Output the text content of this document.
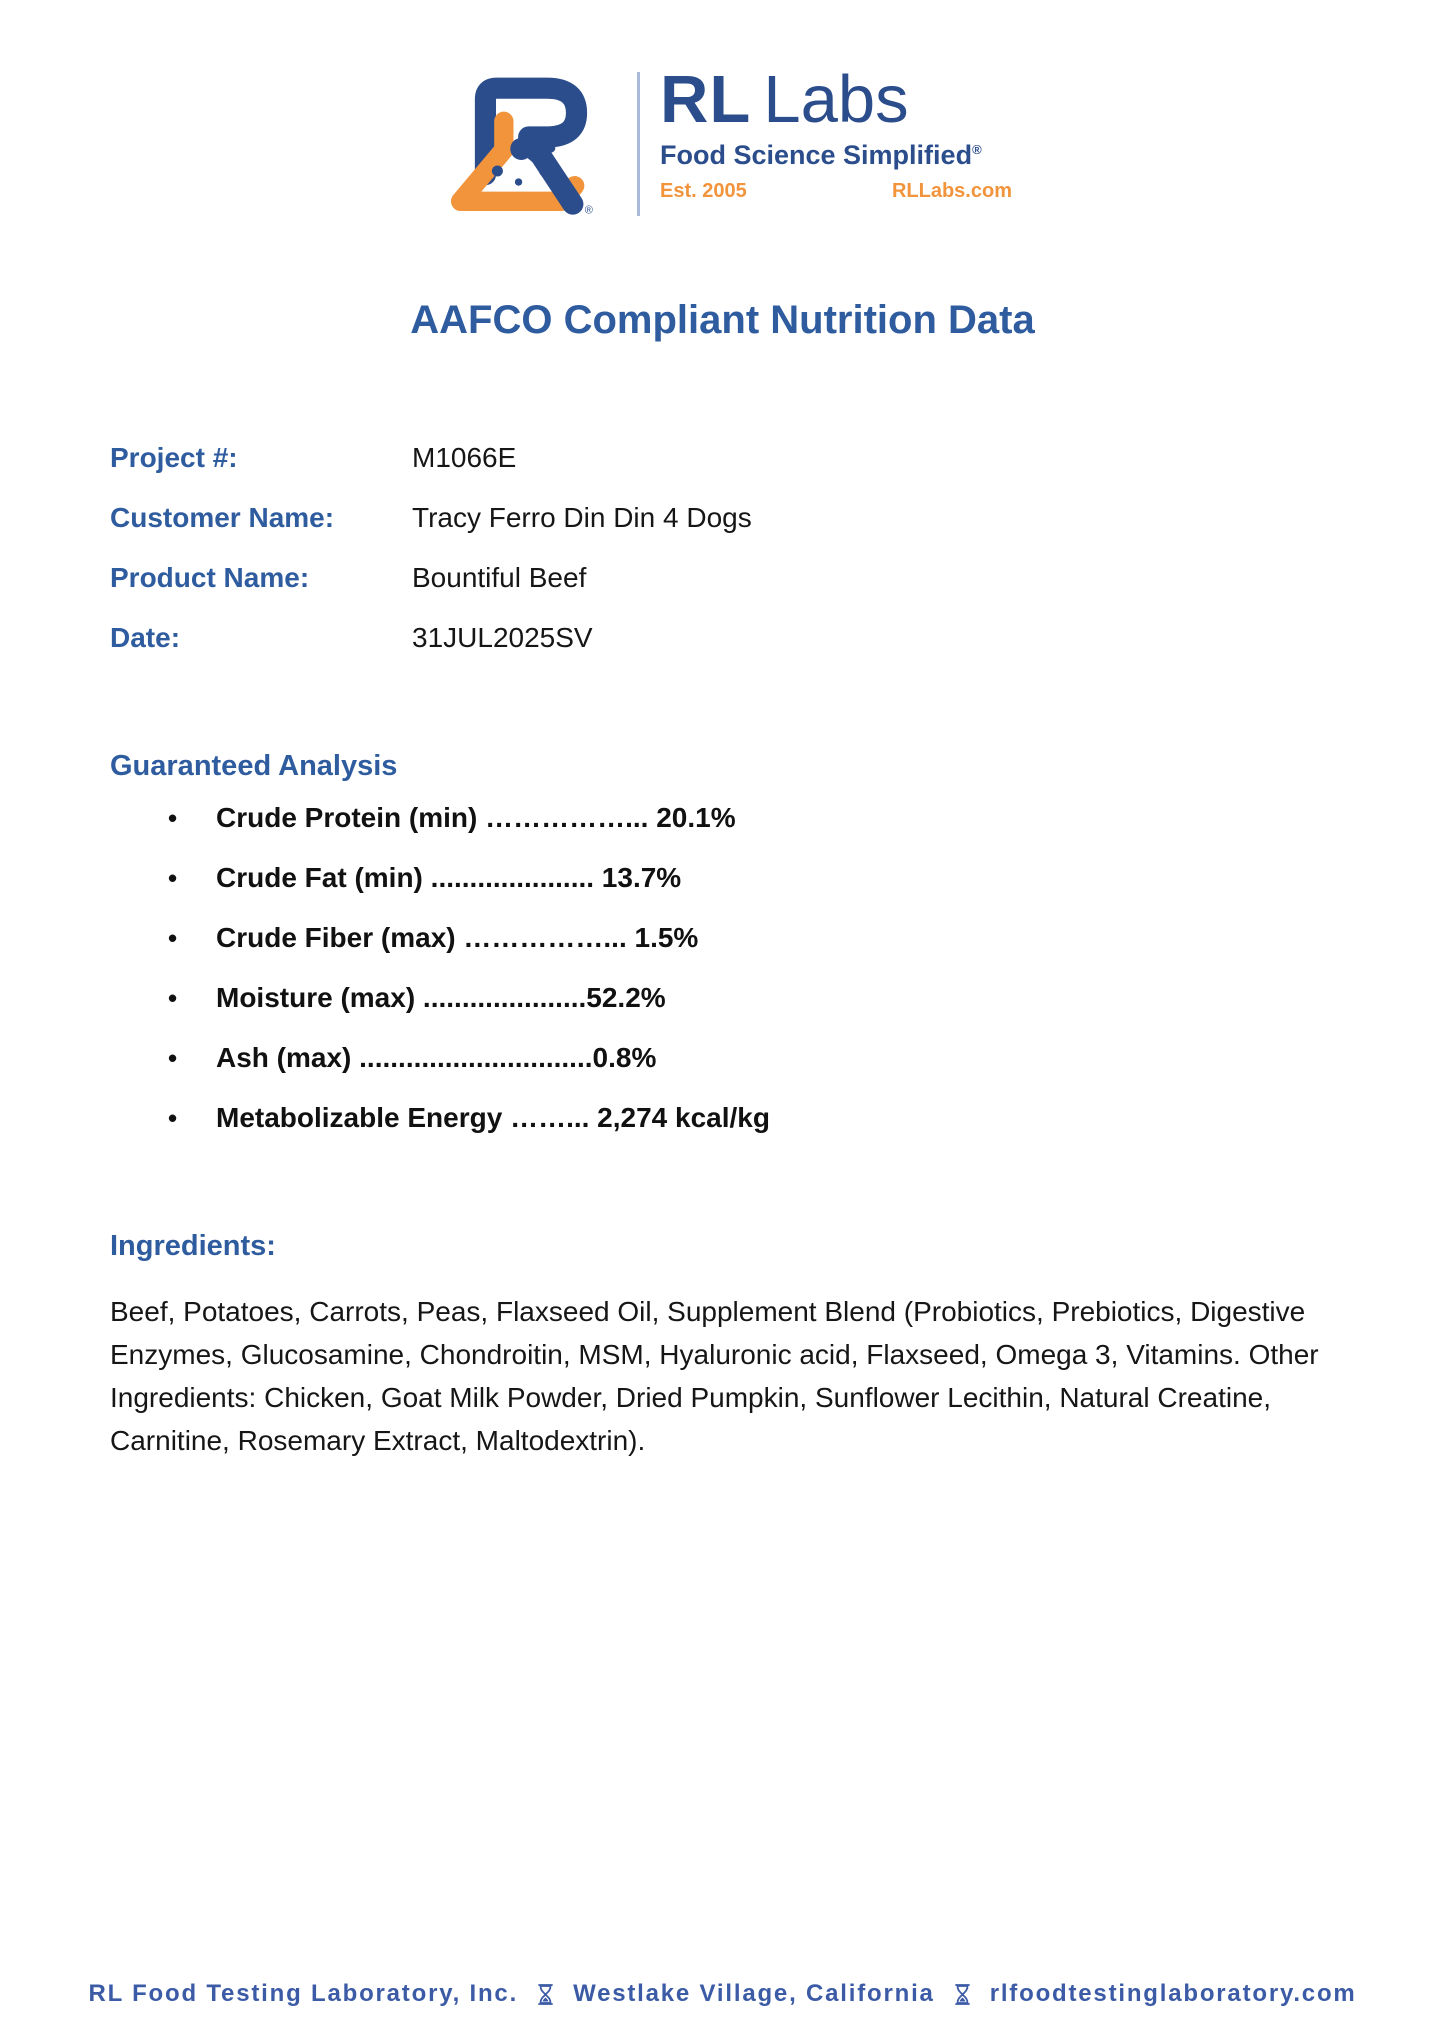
®
RL Labs
Food Science Simplified®
Est. 2005	RLLabs.com
AAFCO Compliant Nutrition Data
Project #:	M1066E
Customer Name:	Tracy Ferro Din Din 4 Dogs
Product Name:	Bountiful Beef
Date:	31JUL2025SV
Guaranteed Analysis
•	Crude Protein (min) ……………... 20.1%
•	Crude Fat (min) ..................... 13.7%
•	Crude Fiber (max) ……………... 1.5%
•	Moisture (max) .....................52.2%
•	Ash (max) ..............................0.8%
•	Metabolizable Energy ……... 2,274 kcal/kg
Ingredients:

Beef, Potatoes, Carrots, Peas, Flaxseed Oil, Supplement Blend (Probiotics, Prebiotics, Digestive Enzymes, Glucosamine, Chondroitin, MSM, Hyaluronic acid, Flaxseed, Omega 3, Vitamins. Other Ingredients: Chicken, Goat Milk Powder, Dried Pumpkin, Sunflower Lecithin, Natural Creatine, Carnitine, Rosemary Extract, Maltodextrin).

RL Food Testing Laboratory, Inc. Westlake Village, California rlfoodtestinglaboratory.com
